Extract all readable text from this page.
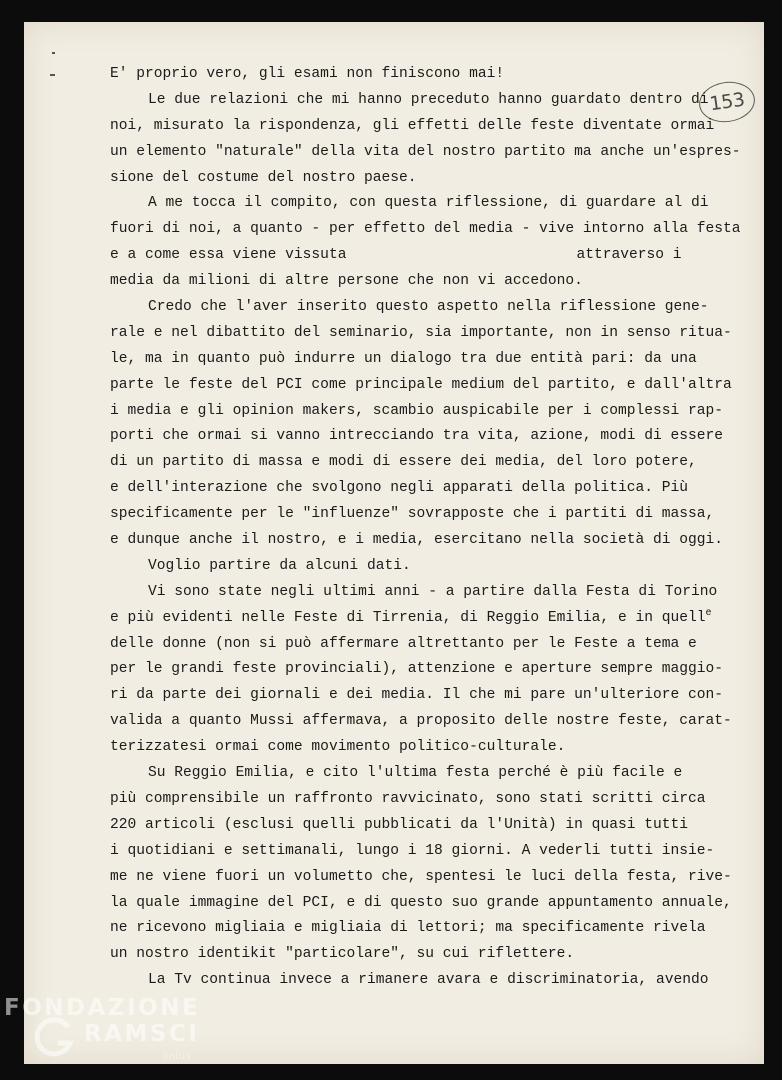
153
E' proprio vero, gli esami non finiscono mai!
Le due relazioni che mi hanno preceduto hanno guardato dentro di
noi, misurato la rispondenza, gli effetti delle feste diventate ormai
un elemento "naturale" della vita del nostro partito ma anche un'espres-
sione del costume del nostro paese.
A me tocca il compito, con questa riflessione, di guardare al di
fuori di noi, a quanto - per effetto del media - vive intorno alla festa
e a come essa viene vissuta	attraverso i
media da milioni di altre persone che non vi accedono.
Credo che l'aver inserito questo aspetto nella riflessione gene-
rale e nel dibattito del seminario, sia importante, non in senso ritua-
le, ma in quanto può indurre un dialogo tra due entità pari: da una
parte le feste del PCI come principale medium del partito, e dall'altra
i media e gli opinion makers, scambio auspicabile per i complessi rap-
porti che ormai si vanno intrecciando tra vita, azione, modi di essere
di un partito di massa e modi di essere dei media, del loro potere,
e dell'interazione che svolgono negli apparati della politica. Più
specificamente per le "influenze" sovrapposte che i partiti di massa,
e dunque anche il nostro, e i media, esercitano nella società di oggi.
Voglio partire da alcuni dati.
Vi sono state negli ultimi anni - a partire dalla Festa di Torino
e più evidenti nelle Feste di Tirrenia, di Reggio Emilia, e in quell$^e$
delle donne (non si può affermare altrettanto per le Feste a tema e
per le grandi feste provinciali), attenzione e aperture sempre maggio-
ri da parte dei giornali e dei media. Il che mi pare un'ulteriore con-
valida a quanto Mussi affermava, a proposito delle nostre feste, carat-
terizzatesi ormai come movimento politico-culturale.
Su Reggio Emilia, e cito l'ultima festa perché è più facile e
più comprensibile un raffronto ravvicinato, sono stati scritti circa
220 articoli (esclusi quelli pubblicati da l'Unità) in quasi tutti
i quotidiani e settimanali, lungo i 18 giorni. A vederli tutti insie-
me ne viene fuori un volumetto che, spentesi le luci della festa, rive-
la quale immagine del PCI, e di questo suo grande appuntamento annuale,
ne ricevono migliaia e migliaia di lettori; ma specificamente rivela
un nostro identikit "particolare", su cui riflettere.
La Tv continua invece a rimanere avara e discriminatoria, avendo
FONDAZIONE
RAMSCI
onlus
